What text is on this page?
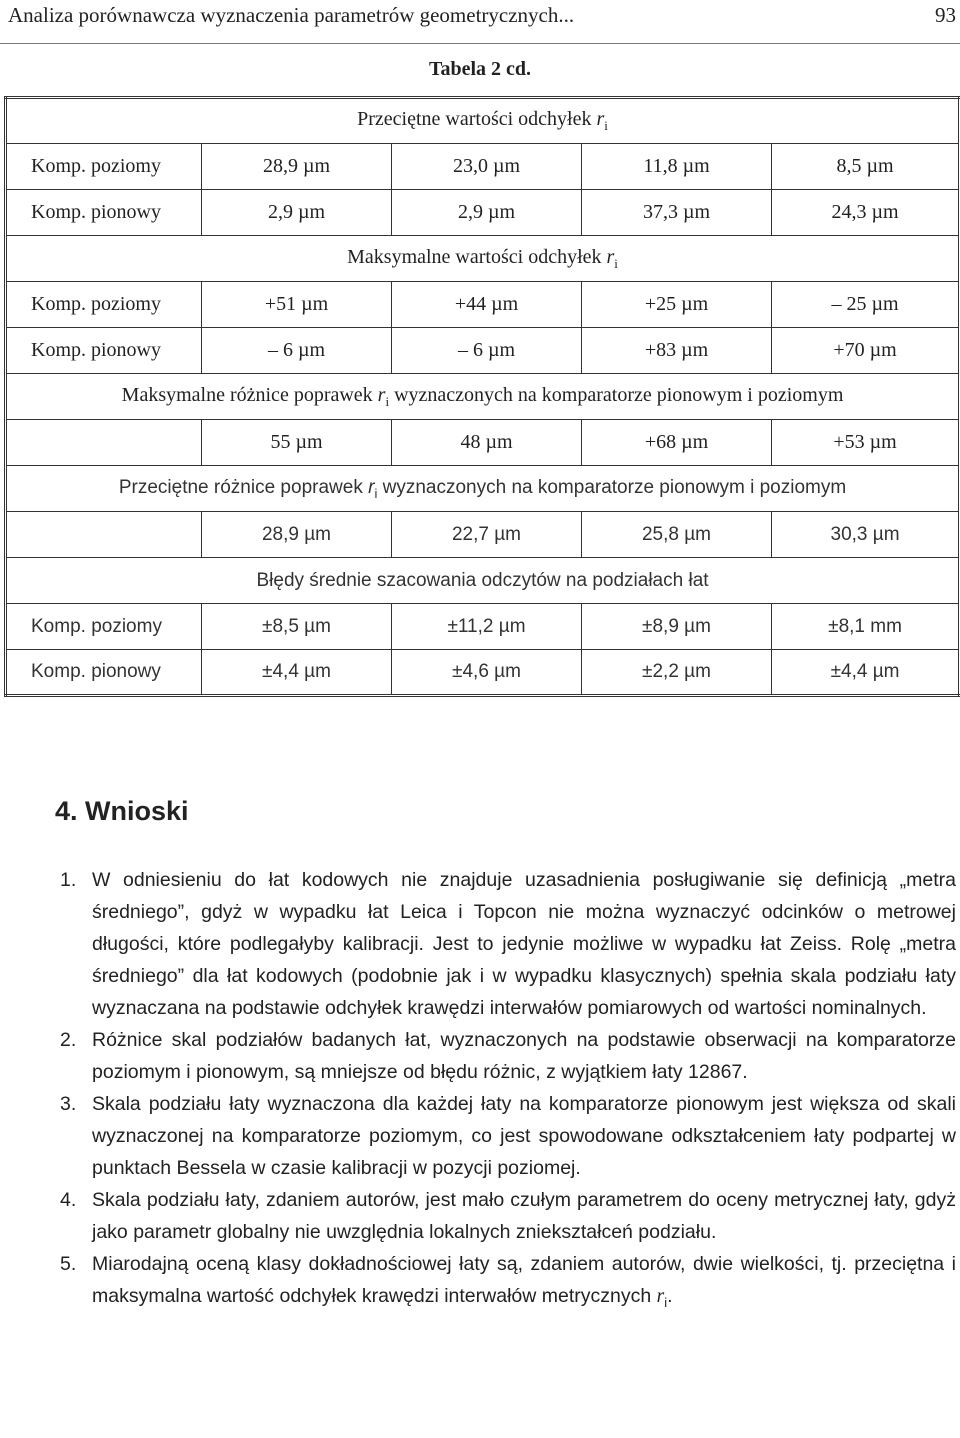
Analiza porównawcza wyznaczenia parametrów geometrycznych...	93
Tabela 2 cd.
Przeciętne wartości odchyłek $r_i$
Komp. poziomy	28,9 µm	23,0 µm	11,8 µm	8,5 µm
Komp. pionowy	2,9 µm	2,9 µm	37,3 µm	24,3 µm
Maksymalne wartości odchyłek $r_i$
Komp. poziomy	+51 µm	+44 µm	+25 µm	– 25 µm
Komp. pionowy	– 6 µm	– 6 µm	+83 µm	+70 µm
Maksymalne różnice poprawek $r_i$ wyznaczonych na komparatorze pionowym i poziomym				
	55 µm	48 µm	+68 µm	+53 µm
Przeciętne różnice poprawek $r_i$ wyznaczonych na komparatorze pionowym i poziomym				
	28,9 µm	22,7 µm	25,8 µm	30,3 µm
Błędy średnie szacowania odczytów na podziałach łat				
Komp. poziomy	±8,5 µm	±11,2 µm	±8,9 µm	±8,1 mm
Komp. pionowy	±4,4 µm	±4,6 µm	±2,2 µm	±4,4 µm
4. Wnioski
1. W odniesieniu do łat kodowych nie znajduje uzasadnienia posługiwanie się definicją „metra średniego”, gdyż w wypadku łat Leica i Topcon nie można wyznaczyć odcinków o metrowej długości, które podlegałyby kalibracji. Jest to jedynie możliwe w wypadku łat Zeiss. Rolę „metra średniego” dla łat kodowych (podobnie jak i w wypadku klasycznych) spełnia skala podziału łaty wyznaczana na podstawie odchyłek krawędzi interwałów pomiarowych od wartości nominalnych.
2. Różnice skal podziałów badanych łat, wyznaczonych na podstawie obserwacji na komparatorze poziomym i pionowym, są mniejsze od błędu różnic, z wyjątkiem łaty 12867.
3. Skala podziału łaty wyznaczona dla każdej łaty na komparatorze pionowym jest większa od skali wyznaczonej na komparatorze poziomym, co jest spowodowane odkształceniem łaty podpartej w punktach Bessela w czasie kalibracji w pozycji poziomej.
4. Skala podziału łaty, zdaniem autorów, jest mało czułym parametrem do oceny metrycznej łaty, gdyż jako parametr globalny nie uwzględnia lokalnych zniekształceń podziału.
5. Miarodajną oceną klasy dokładnościowej łaty są, zdaniem autorów, dwie wielkości, tj. przeciętna i maksymalna wartość odchyłek krawędzi interwałów metrycznych $r_i$.
